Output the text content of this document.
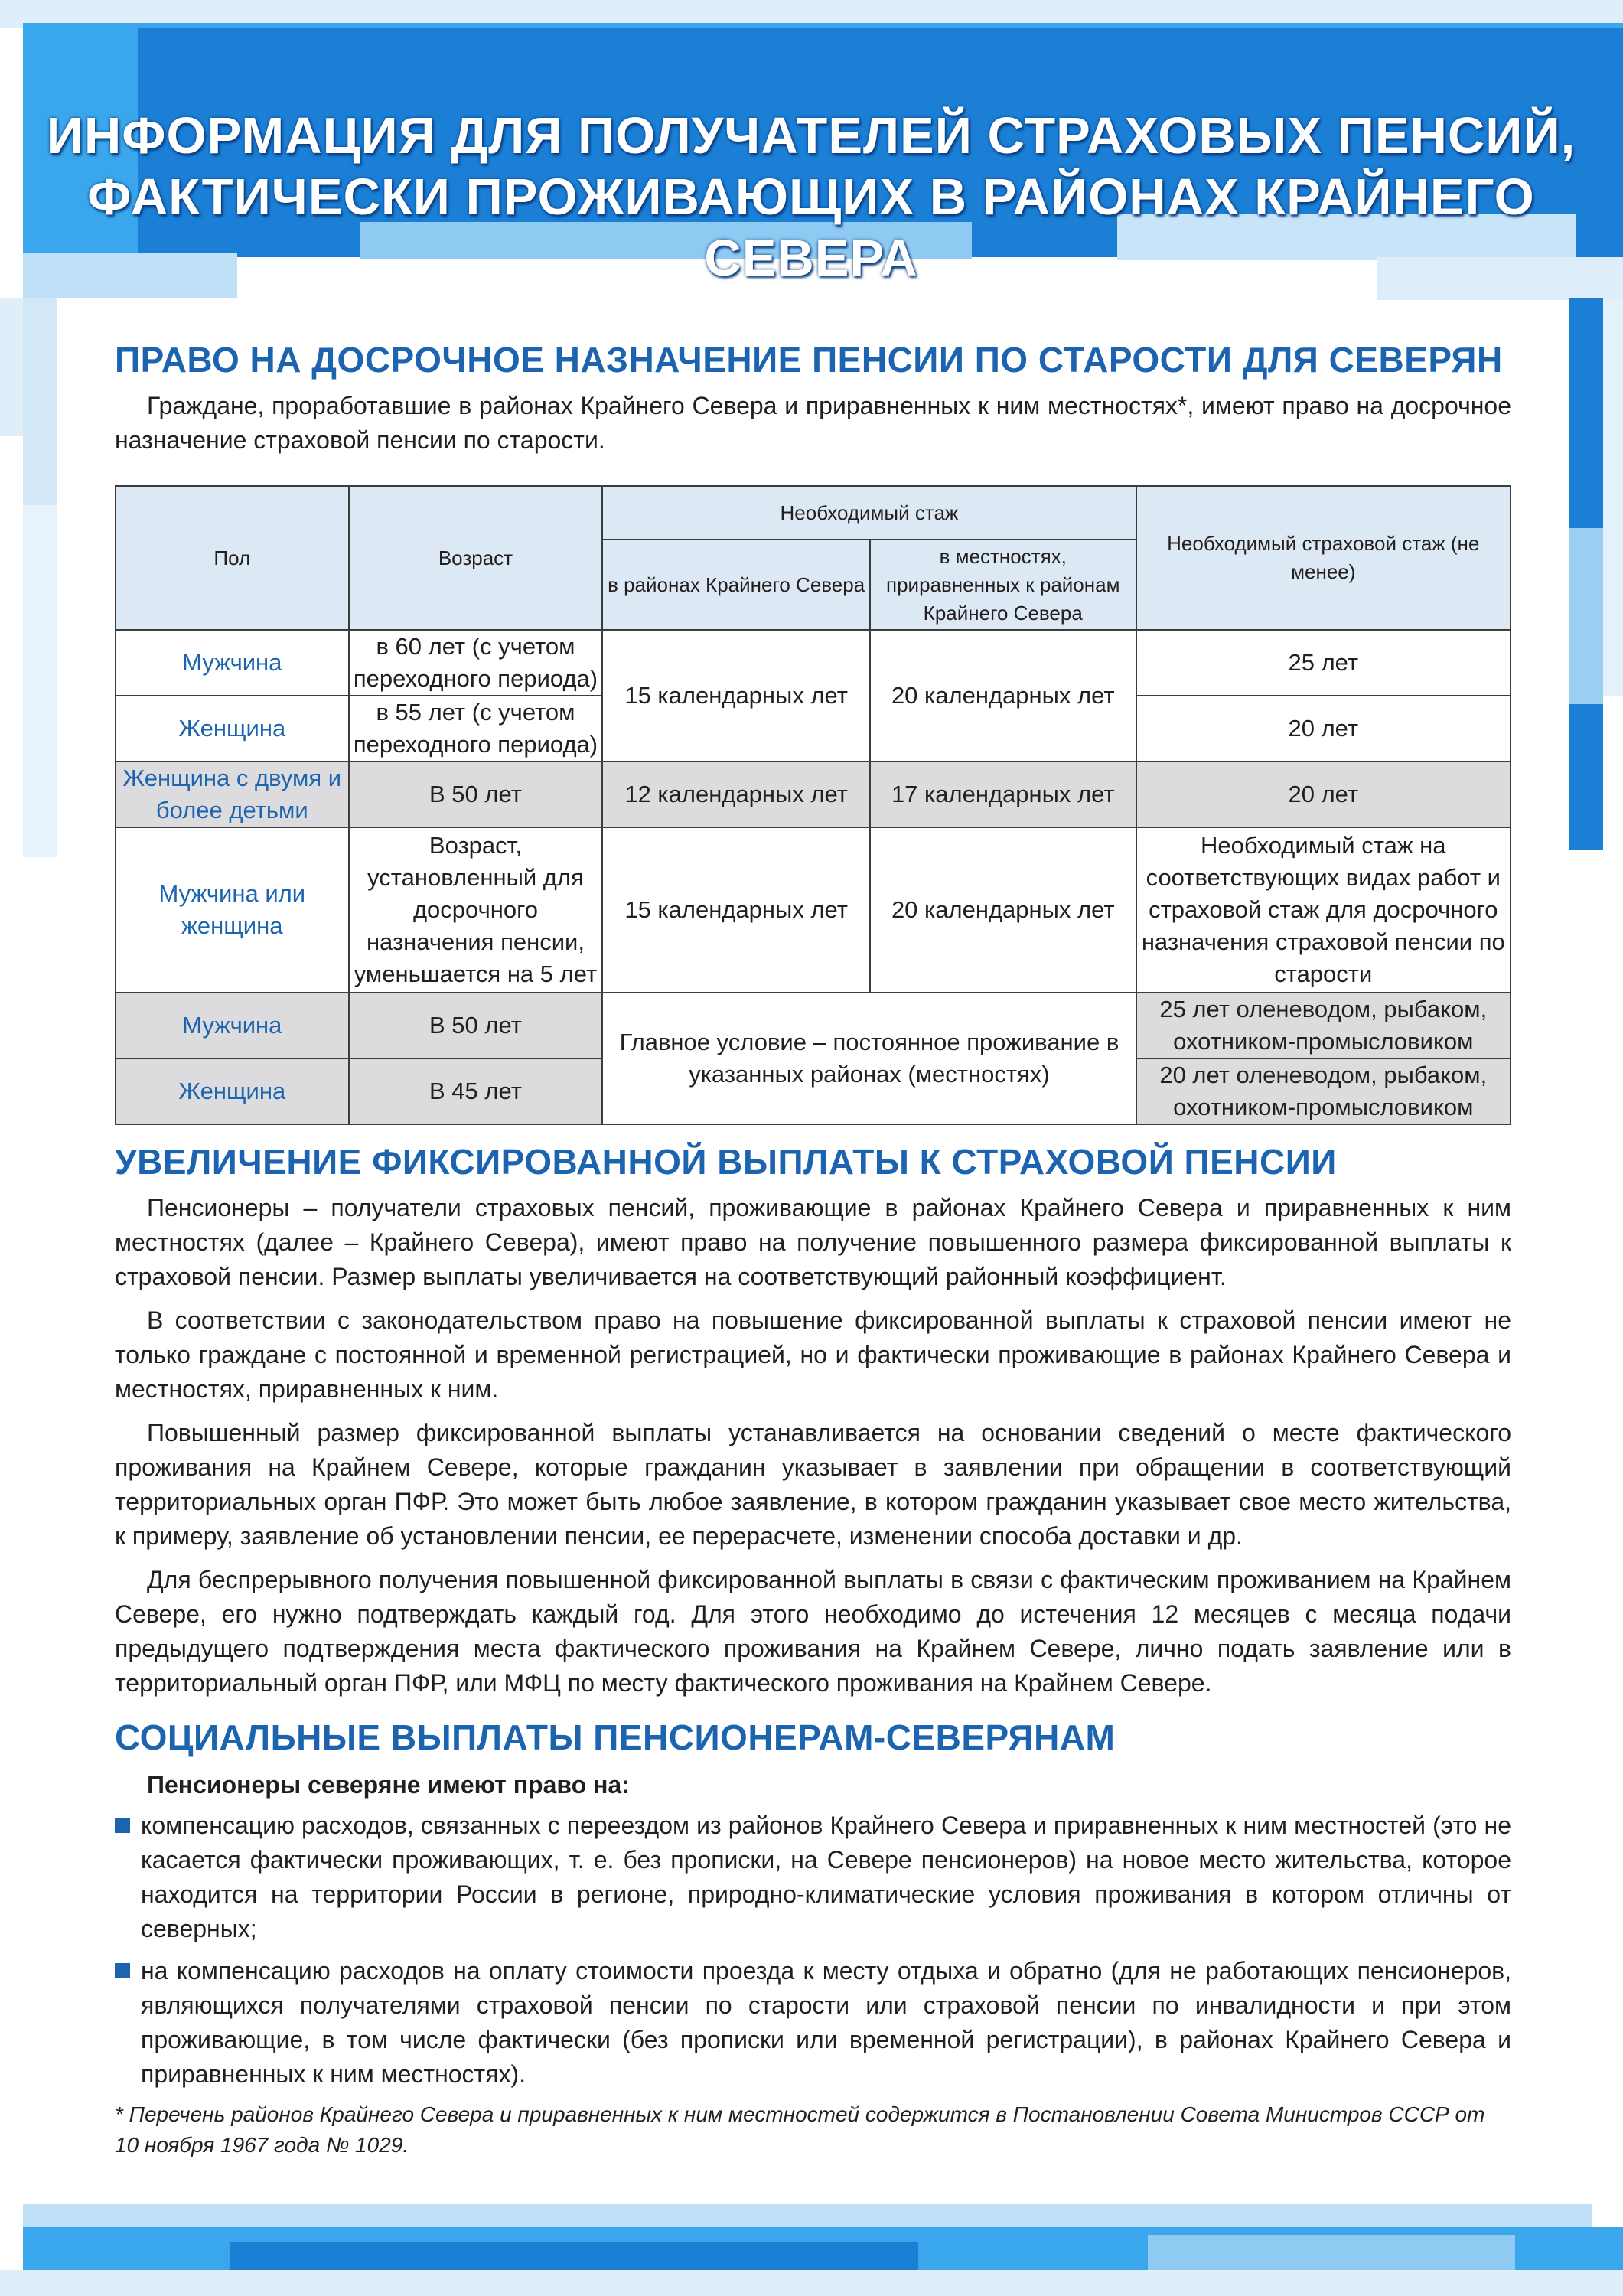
ИНФОРМАЦИЯ ДЛЯ ПОЛУЧАТЕЛЕЙ СТРАХОВЫХ ПЕНСИЙ,
ФАКТИЧЕСКИ ПРОЖИВАЮЩИХ В РАЙОНАХ КРАЙНЕГО СЕВЕРА
ПРАВО НА ДОСРОЧНОЕ НАЗНАЧЕНИЕ ПЕНСИИ ПО СТАРОСТИ ДЛЯ СЕВЕРЯН

Граждане, проработавшие в районах Крайнего Севера и приравненных к ним местностях*, имеют право на досрочное назначение страховой пенсии по старости.

Пол	Возраст	Необходимый стаж		Необходимый страховой стаж (не менее)
		в районах Крайнего Севера	в местностях, приравненных к районам Крайнего Севера	
Мужчина	в 60 лет (с учетом переходного периода)	15 календарных лет	20 календарных лет	25 лет
Женщина	в 55 лет (с учетом переходного периода)			20 лет
Женщина с двумя и более детьми	В 50 лет	12 календарных лет	17 календарных лет	20 лет
Мужчина или женщина	Возраст, установленный для досрочного назначения пенсии, уменьшается на 5 лет	15 календарных лет	20 календарных лет	Необходимый стаж на соответствующих видах работ и страховой стаж для досрочного назначения страховой пенсии по старости
Мужчина	В 50 лет	Главное условие – постоянное проживание в указанных районах (местностях)		25 лет оленеводом, рыбаком, охотником-промысловиком
Женщина	В 45 лет			20 лет оленеводом, рыбаком, охотником-промысловиком
УВЕЛИЧЕНИЕ ФИКСИРОВАННОЙ ВЫПЛАТЫ К СТРАХОВОЙ ПЕНСИИ

Пенсионеры – получатели страховых пенсий, проживающие в районах Крайнего Севера и приравненных к ним местностях (далее – Крайнего Севера), имеют право на получение повышенного размера фиксированной выплаты к страховой пенсии. Размер выплаты увеличивается на соответствующий районный коэффициент.

В соответствии с законодательством право на повышение фиксированной выплаты к страховой пенсии имеют не только граждане с постоянной и временной регистрацией, но и фактически проживающие в районах Крайнего Севера и местностях, приравненных к ним.

Повышенный размер фиксированной выплаты устанавливается на основании сведений о месте фактического проживания на Крайнем Севере, которые гражданин указывает в заявлении при обращении в соответствующий территориальных орган ПФР. Это может быть любое заявление, в котором гражданин указывает свое место жительства, к примеру, заявление об установлении пенсии, ее перерасчете, изменении способа доставки и др.

Для беспрерывного получения повышенной фиксированной выплаты в связи с фактическим проживанием на Крайнем Севере, его нужно подтверждать каждый год. Для этого необходимо до истечения 12 месяцев с месяца подачи предыдущего подтверждения места фактического проживания на Крайнем Севере, лично подать заявление или в территориальный орган ПФР, или МФЦ по месту фактического проживания на Крайнем Севере.

СОЦИАЛЬНЫЕ ВЫПЛАТЫ ПЕНСИОНЕРАМ-СЕВЕРЯНАМ

Пенсионеры северяне имеют право на:

компенсацию расходов, связанных с переездом из районов Крайнего Севера и приравненных к ним местностей (это не касается фактически проживающих, т. е. без прописки, на Севере пенсионеров) на новое место жительства, которое находится на территории России в регионе, природно-климатические условия проживания в котором отличны от северных;
на компенсацию расходов на оплату стоимости проезда к месту отдыха и обратно (для не работающих пенсионеров, являющихся получателями страховой пенсии по старости или страховой пенсии по инвалидности и при этом проживающие, в том числе фактически (без прописки или временной регистрации), в районах Крайнего Севера и приравненных к ним местностях).

* Перечень районов Крайнего Севера и приравненных к ним местностей содержится в Постановлении Совета Министров СССР от 10 ноября 1967 года № 1029.
